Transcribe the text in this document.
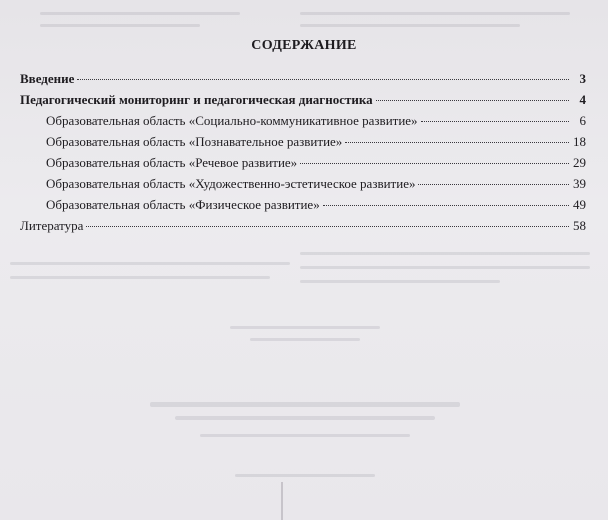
СОДЕРЖАНИЕ
Введение	3
Педагогический мониторинг и педагогическая диагностика	4
Образовательная область «Социально-коммуникативное развитие»	6
Образовательная область «Познавательное развитие»	18
Образовательная область «Речевое развитие»	29
Образовательная область «Художественно-эстетическое развитие»	39
Образовательная область «Физическое развитие»	49
Литература	58
